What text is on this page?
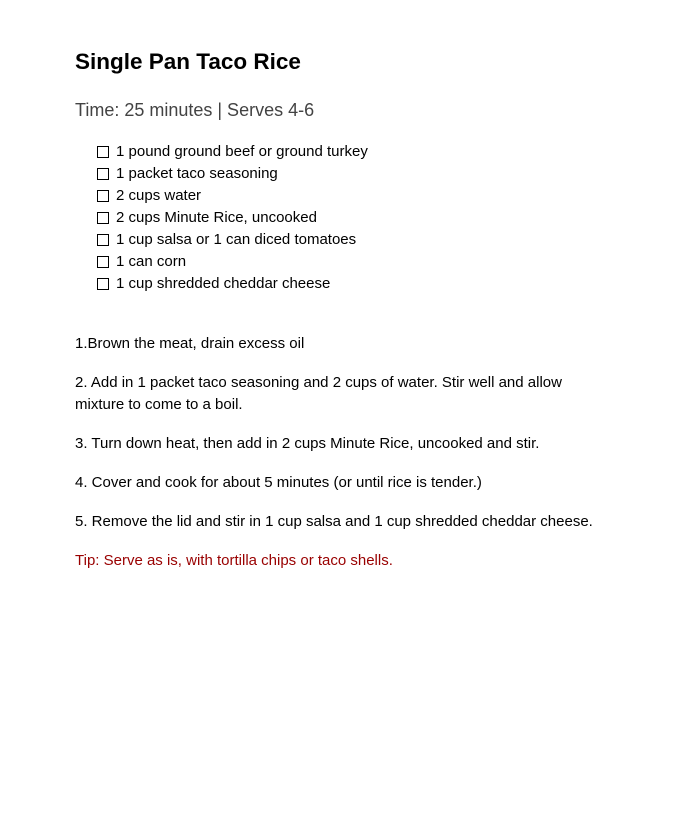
Single Pan Taco Rice

Time: 25 minutes | Serves 4-6

1 pound ground beef or ground turkey
1 packet taco seasoning
2 cups water
2 cups Minute Rice, uncooked
1 cup salsa or 1 can diced tomatoes
1 can corn
1 cup shredded cheddar cheese

1.Brown the meat, drain excess oil

2. Add in 1 packet taco seasoning and 2 cups of water. Stir well and allow mixture to come to a boil.

3. Turn down heat, then add in 2 cups Minute Rice, uncooked and stir.

4. Cover and cook for about 5 minutes (or until rice is tender.)

5. Remove the lid and stir in 1 cup salsa and 1 cup shredded cheddar cheese.

Tip: Serve as is, with tortilla chips or taco shells.
